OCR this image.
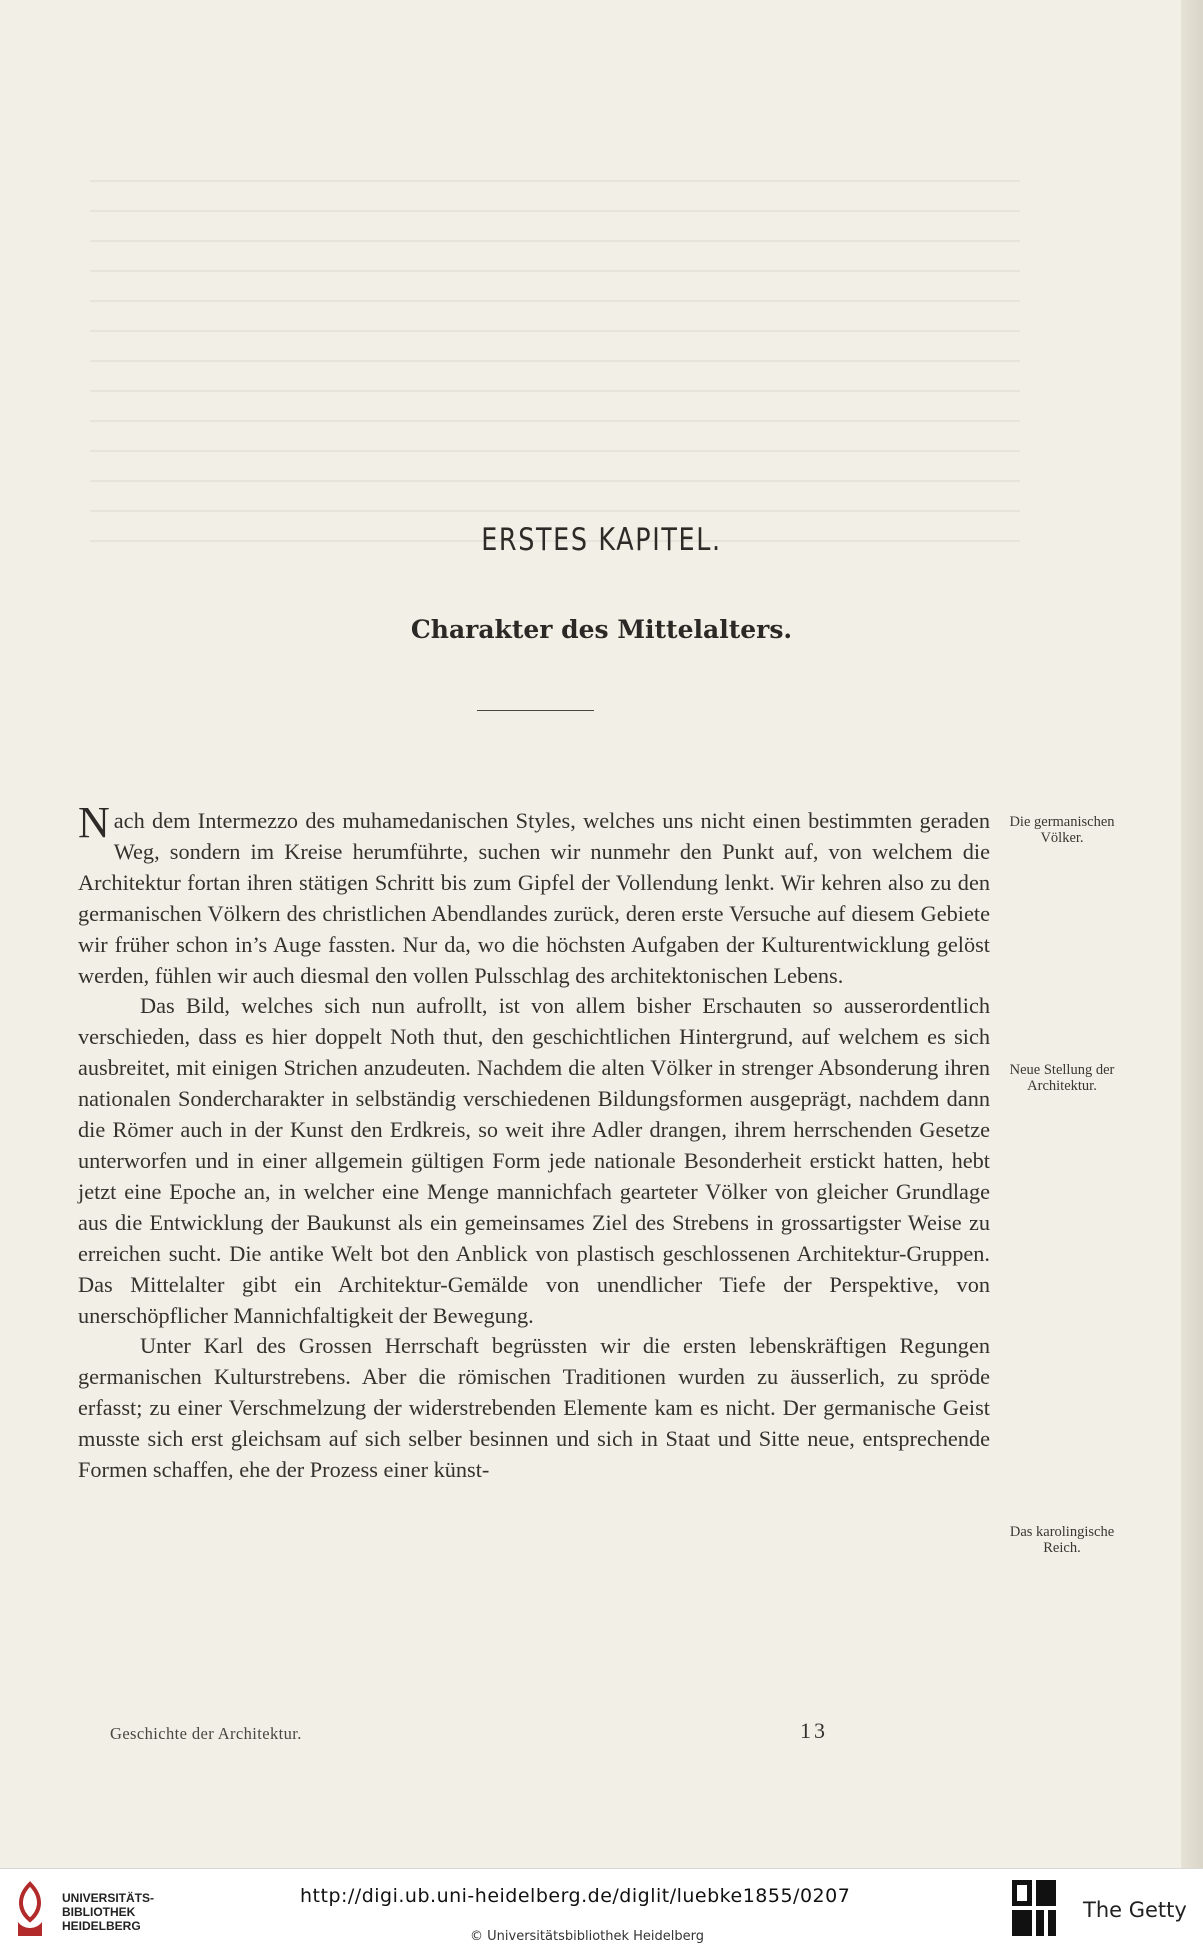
ERSTES KAPITEL.
Charakter des Mittelalters.

Nach dem Intermezzo des muhamedanischen Styles, welches uns nicht einen bestimmten geraden Weg, sondern im Kreise herumführte, suchen wir nunmehr den Punkt auf, von welchem die Architektur fortan ihren stätigen Schritt bis zum Gipfel der Vollendung lenkt. Wir kehren also zu den germanischen Völkern des christlichen Abendlandes zurück, deren erste Versuche auf diesem Gebiete wir früher schon in’s Auge fassten. Nur da, wo die höchsten Aufgaben der Kulturentwicklung gelöst werden, fühlen wir auch diesmal den vollen Pulsschlag des architektonischen Lebens.

Das Bild, welches sich nun aufrollt, ist von allem bisher Erschauten so ausserordentlich verschieden, dass es hier doppelt Noth thut, den geschichtlichen Hintergrund, auf welchem es sich ausbreitet, mit einigen Strichen anzudeuten. Nachdem die alten Völker in strenger Absonderung ihren nationalen Sondercharakter in selbständig verschiedenen Bildungsformen ausgeprägt, nachdem dann die Römer auch in der Kunst den Erdkreis, so weit ihre Adler drangen, ihrem herrschenden Gesetze unterworfen und in einer allgemein gültigen Form jede nationale Besonderheit erstickt hatten, hebt jetzt eine Epoche an, in welcher eine Menge mannichfach gearteter Völker von gleicher Grundlage aus die Entwicklung der Baukunst als ein gemeinsames Ziel des Strebens in grossartigster Weise zu erreichen sucht. Die antike Welt bot den Anblick von plastisch geschlossenen Architektur-Gruppen. Das Mittelalter gibt ein Architektur-Gemälde von unendlicher Tiefe der Perspektive, von unerschöpflicher Mannichfaltigkeit der Bewegung.

Unter Karl des Grossen Herrschaft begrüssten wir die ersten lebenskräftigen Regungen germanischen Kulturstrebens. Aber die römischen Traditionen wurden zu äusserlich, zu spröde erfasst; zu einer Verschmelzung der widerstrebenden Elemente kam es nicht. Der germanische Geist musste sich erst gleichsam auf sich selber besinnen und sich in Staat und Sitte neue, entsprechende Formen schaffen, ehe der Prozess einer künst-

Die germanischen Völker.
Neue Stellung der Architektur.
Das karolingische Reich.
Geschichte der Architektur.	13
UNIVERSITÄTS-
BIBLIOTHEK
HEIDELBERG
http://digi.ub.uni-heidelberg.de/diglit/luebke1855/0207
© Universitätsbibliothek Heidelberg
The Getty
